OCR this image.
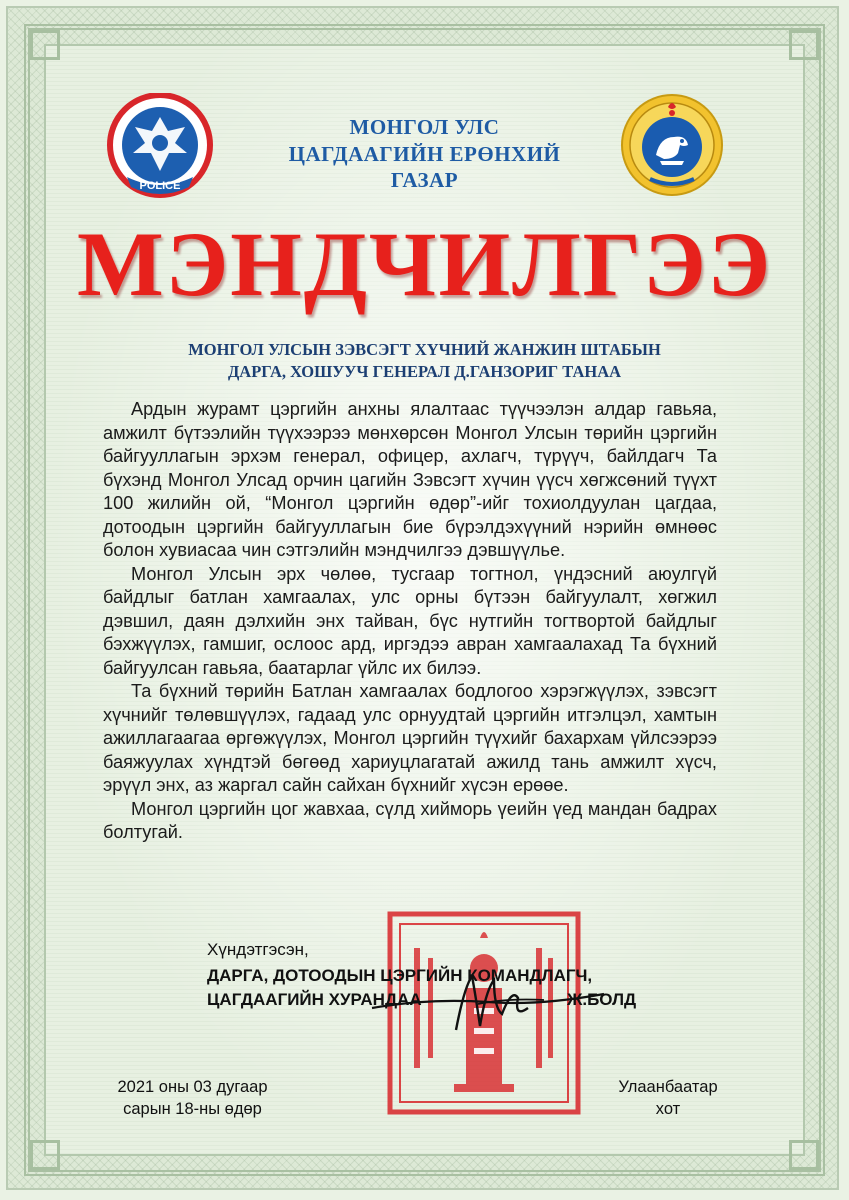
POLICE
МОНГОЛ УЛС
ЦАГДААГИЙН ЕРӨНХИЙ
ГАЗАР
МЭНДЧИЛГЭЭ
МОНГОЛ УЛСЫН ЗЭВСЭГТ ХҮЧНИЙ ЖАНЖИН ШТАБЫН
ДАРГА, ХОШУУЧ ГЕНЕРАЛ Д.ГАНЗОРИГ ТАНАА

Ардын журамт цэргийн анхны ялалтаас түүчээлэн алдар гавьяа, амжилт бүтээлийн түүхээрээ мөнхөрсөн Монгол Улсын төрийн цэргийн байгууллагын эрхэм генерал, офицер, ахлагч, түрүүч, байлдагч Та бүхэнд Монгол Улсад орчин цагийн Зэвсэгт хүчин үүсч хөгжсөний түүхт 100 жилийн ой, “Монгол цэргийн өдөр”-ийг тохиолдуулан цагдаа, дотоодын цэргийн байгууллагын бие бүрэлдэхүүний нэрийн өмнөөс болон хувиасаа чин сэтгэлийн мэндчилгээ дэвшүүлье.

Монгол Улсын эрх чөлөө, тусгаар тогтнол, үндэсний аюулгүй байдлыг батлан хамгаалах, улс орны бүтээн байгуулалт, хөгжил дэвшил, даян дэлхийн энх тайван, бүс нутгийн тогтвортой байдлыг бэхжүүлэх, гамшиг, ослоос ард, иргэдээ авран хамгаалахад Та бүхний байгуулсан гавьяа, баатарлаг үйлс их билээ.

Та бүхний төрийн Батлан хамгаалах бодлогоо хэрэгжүүлэх, зэвсэгт хүчнийг төлөвшүүлэх, гадаад улс орнуудтай цэргийн итгэлцэл, хамтын ажиллагаагаа өргөжүүлэх, Монгол цэргийн түүхийг бахархам үйлсээрээ баяжуулах хүндтэй бөгөөд хариуцлагатай ажилд тань амжилт хүсч, эрүүл энх, аз жаргал сайн сайхан бүхнийг хүсэн ерөөе.

Монгол цэргийн цог жавхаа, сүлд хийморь үеийн үед мандан бадрах болтугай.

Хүндэтгэсэн,
ДАРГА, ДОТООДЫН ЦЭРГИЙН КОМАНДЛАГЧ,
ЦАГДААГИЙН ХУРАНДАА	Ж.БОЛД
2021 оны 03 дугаар
сарын 18-ны өдөр
Улаанбаатар
хот
